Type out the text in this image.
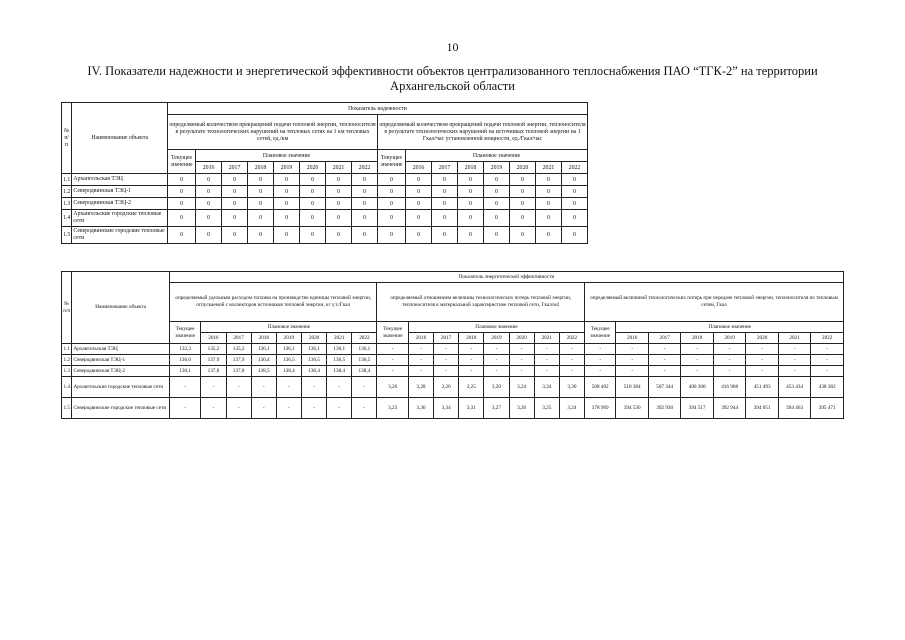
10
IV. Показатели надежности и энергетической эффективности объектов централизованного теплоснабжения ПАО “ТГК-2” на территории
Архангельской области
№ п/п	Наименование объекта	Показатель надежности															
		определяемый количеством прекращений подачи тепловой энергии, теплоносителя в результате технологических нарушений на тепловых сетях на 1 км тепловых сетей, ед./км								определяемый количеством прекращений подачи тепловой энергии, теплоносителя в результате технологических нарушений на источниках тепловой энергии на 1 Гкал/час установленной мощности, ед./Гкал/час							
		Текущее значение	Плановое значение							Текущее значение	Плановое значение						
			2016	2017	2018	2019	2020	2021	2022		2016	2017	2018	2019	2020	2021	2022
1.1	Архангельская ТЭЦ	0	0	0	0	0	0	0	0	0	0	0	0	0	0	0	0
1.2	Северодвинская ТЭЦ-1	0	0	0	0	0	0	0	0	0	0	0	0	0	0	0	0
1.3	Северодвинская ТЭЦ-2	0	0	0	0	0	0	0	0	0	0	0	0	0	0	0	0
1.4	Архангельские городские тепловые сети	0	0	0	0	0	0	0	0	0	0	0	0	0	0	0	0
1.5	Северодвинские городские тепловые сети	0	0	0	0	0	0	0	0	0	0	0	0	0	0	0	0
№ п/п	Наименование объекта	Показатель энергетической эффективности																							
		определяемый удельным расходом топлива на производство единицы тепловой энергии, отпускаемой с коллекторов источников тепловой энергии, кг у.т./Гкал								определяемый отношением величины технологических потерь тепловой энергии, теплоносителя к материальной характеристике тепловой сети, Гкал/м2								определяемый величиной технологических потерь при передаче тепловой энергии, теплоносителя по тепловым сетям, Гкал							
		Текущее значение	Плановое значение							Текущее значение	Плановое значение							Текущее значение	Плановое значение						
			2016	2017	2018	2019	2020	2021	2022		2016	2017	2018	2019	2020	2021	2022		2016	2017	2018	2019	2020	2021	2022
1.1	Архангельская ТЭЦ	132,3	135,2	135,2	136,1	136,1	136,1	136,1	136,1	-	-	-	-	-	-	-	-	-	-	-	-	-	-	-	-
1.2	Северодвинская ТЭЦ-1	136,0	137,9	137,9	136,4	136,5	136,5	136,5	136,5	-	-	-	-	-	-	-	-	-	-	-	-	-	-	-	-
1.3	Северодвинская ТЭЦ-2	130,1	137,8	137,8	138,5	138,4	138,4	138,4	138,4	-	-	-	-	-	-	-	-	-	-	-	-	-	-	-	-
1.4	Архангельские городские тепловые сети	-	-	-	-	-	-	-	-	3,26	3,28	3,26	3,25	3,20	3,24	3,34	3,30	508 402	510 384	507 344	400 300	416 968	451 493	453 434	438 382
1.5	Северодвинские городские тепловые сети	-	-	-	-	-	-	-	-	3,23	3,36	3,34	3,31	3,27	3,26	3,25	3,24	378 969	394 530	392 930	394 517	392 944	394 051	394 463	395 471
